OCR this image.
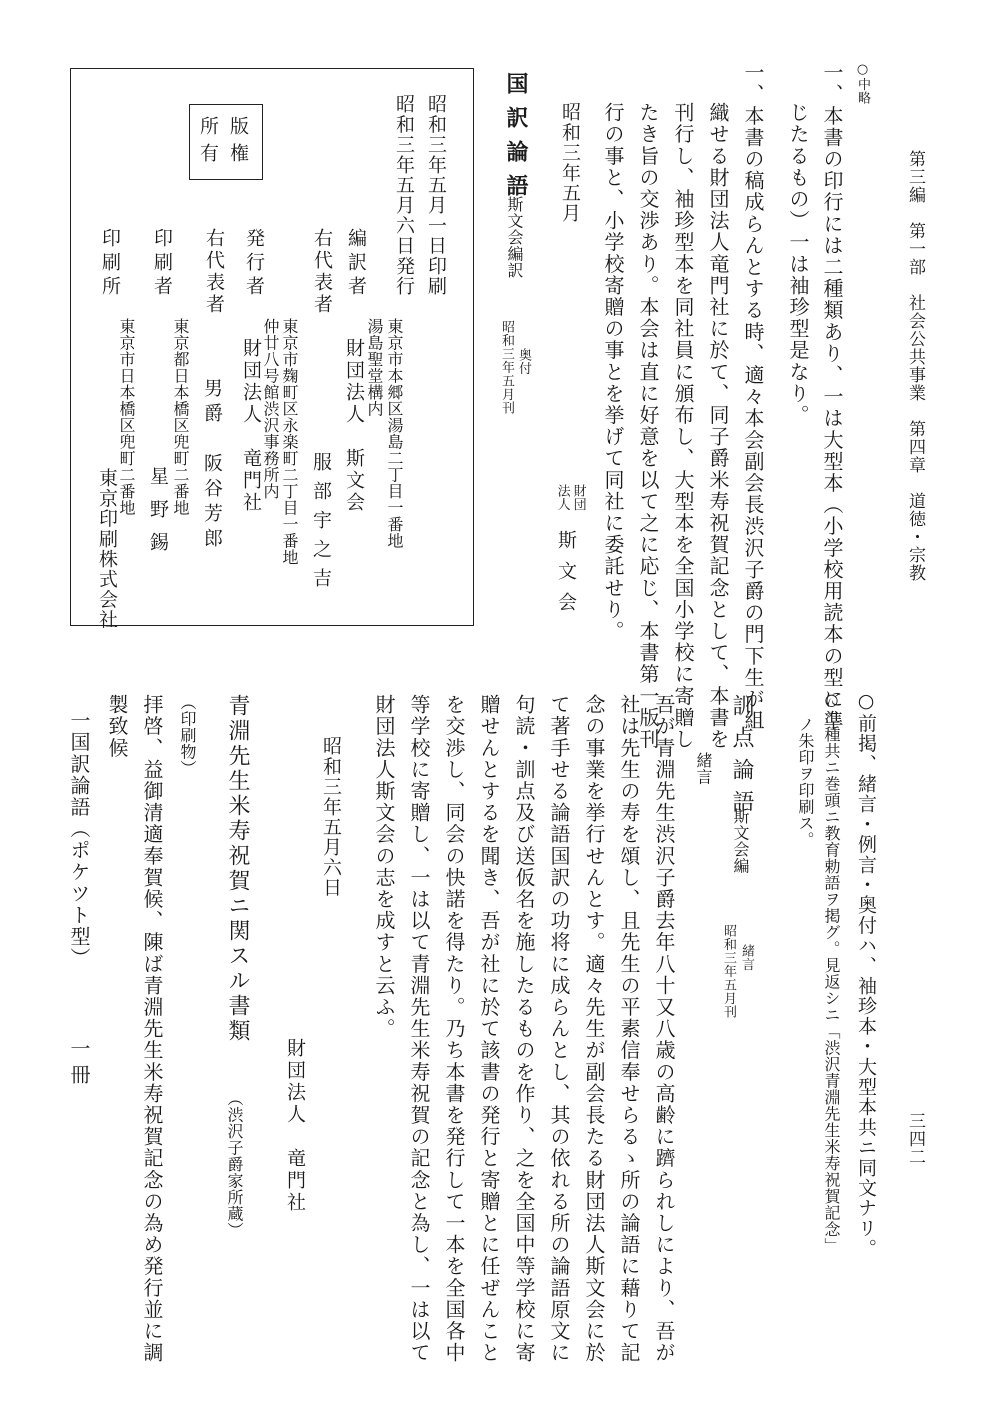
第三編　第一部　社会公共事業　第四章　道徳・宗教
三四二
○中略
一、本書の印行には二種類あり、一は大型本（小学校用読本の型に準
じたるもの）一は袖珍型是なり。
一、本書の稿成らんとする時、適々本会副会長渋沢子爵の門下生が組
織せる財団法人竜門社に於て、同子爵米寿祝賀記念として、本書を
刊行し、袖珍型本を同社員に頒布し、大型本を全国小学校に寄贈し
たき旨の交渉あり。本会は直に好意を以て之に応じ、本書第一版刊
行の事と、小学校寄贈の事とを挙げて同社に委託せり。
昭和三年五月
財団
法人
斯文会
国訳論語
斯文会編訳
奥付
昭和三年五月刊
昭和三年五月一日印刷
昭和三年五月六日発行
版権
所有
編訳者
右代表者
東京市本郷区湯島二丁目一番地
湯島聖堂構内
財団法人　斯文会
服部宇之吉
発行者
右代表者
東京市麹町区永楽町二丁目一番地
仲廿八号館渋沢事務所内
財団法人　竜門社
男爵　阪谷芳郎
印刷者
東京都日本橋区兜町二番地
星野錫
印刷所
東京市日本橋区兜町二番地
東京印刷株式会社
○前掲、緒言・例言・奥付ハ、袖珍本・大型本共ニ同文ナリ。
○二種共ニ巻頭ニ教育勅語ヲ掲グ。見返シニ「渋沢青淵先生米寿祝賀記念」
ノ朱印ヲ印刷ス。
訓点論語
斯文会編
緒言
昭和三年五月刊
緒言
吾が青淵先生渋沢子爵去年八十又八歳の高齢に躋られしにより、吾が
社は先生の寿を頌し、且先生の平素信奉せらるゝ所の論語に藉りて記
念の事業を挙行せんとす。適々先生が副会長たる財団法人斯文会に於
て著手せる論語国訳の功将に成らんとし、其の依れる所の論語原文に
句読・訓点及び送仮名を施したるものを作り、之を全国中等学校に寄
贈せんとするを聞き、吾が社に於て該書の発行と寄贈とに任ぜんこと
を交渉し、同会の快諾を得たり。乃ち本書を発行して一本を全国各中
等学校に寄贈し、一は以て青淵先生米寿祝賀の記念と為し、一は以て
財団法人斯文会の志を成すと云ふ。
昭和三年五月六日
財団法人　竜門社
青淵先生米寿祝賀ニ関スル書類
（渋沢子爵家所蔵）
（印刷物）
拝啓、益御清適奉賀候、陳ば青淵先生米寿祝賀記念の為め発行並に調
製致候
一国訳論語（ポケツト型）
一冊
